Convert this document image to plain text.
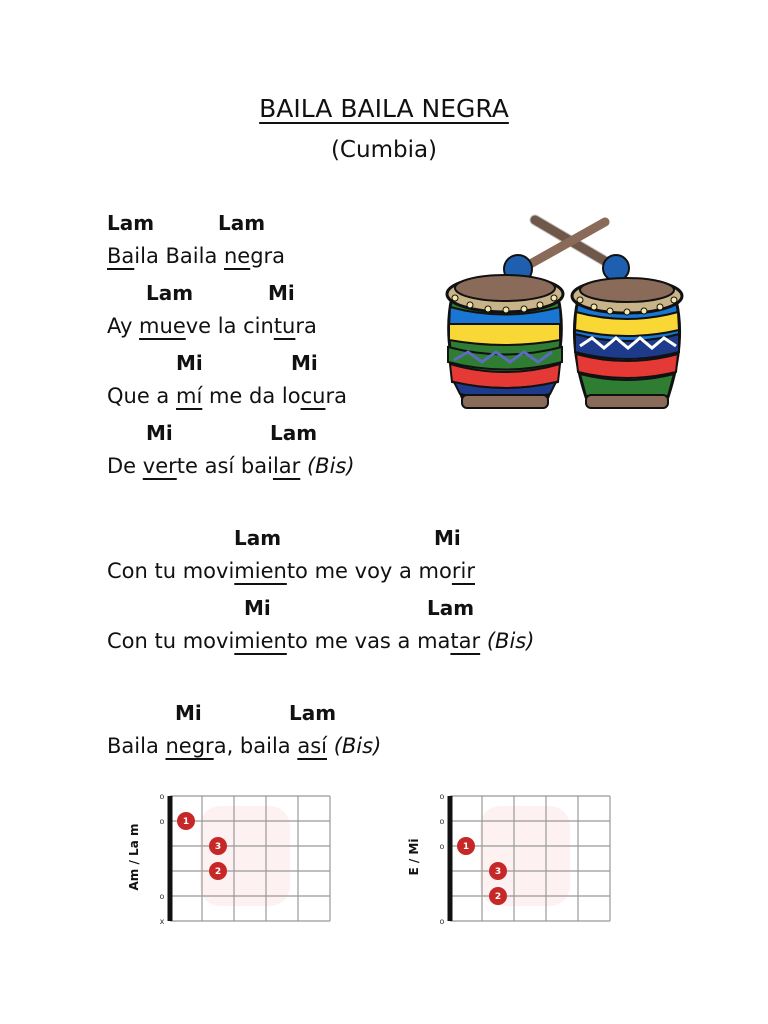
BAILA BAILA NEGRA
(Cumbia)
Lam	Lam
Baila Baila negra
Lam	Mi
Ay mueve la cintura
Mi	Mi
Que a mí me da locura
Mi	Lam
De verte así bailar (Bis)
Lam	Mi
Con tu movimiento me voy a morir
Mi	Lam
Con tu movimiento me vas a matar (Bis)
Mi	Lam
Baila negra, baila así (Bis)
o
o
o
x
1
3
2
Am / La m
o
o
o
o
1
3
2
E / Mi
